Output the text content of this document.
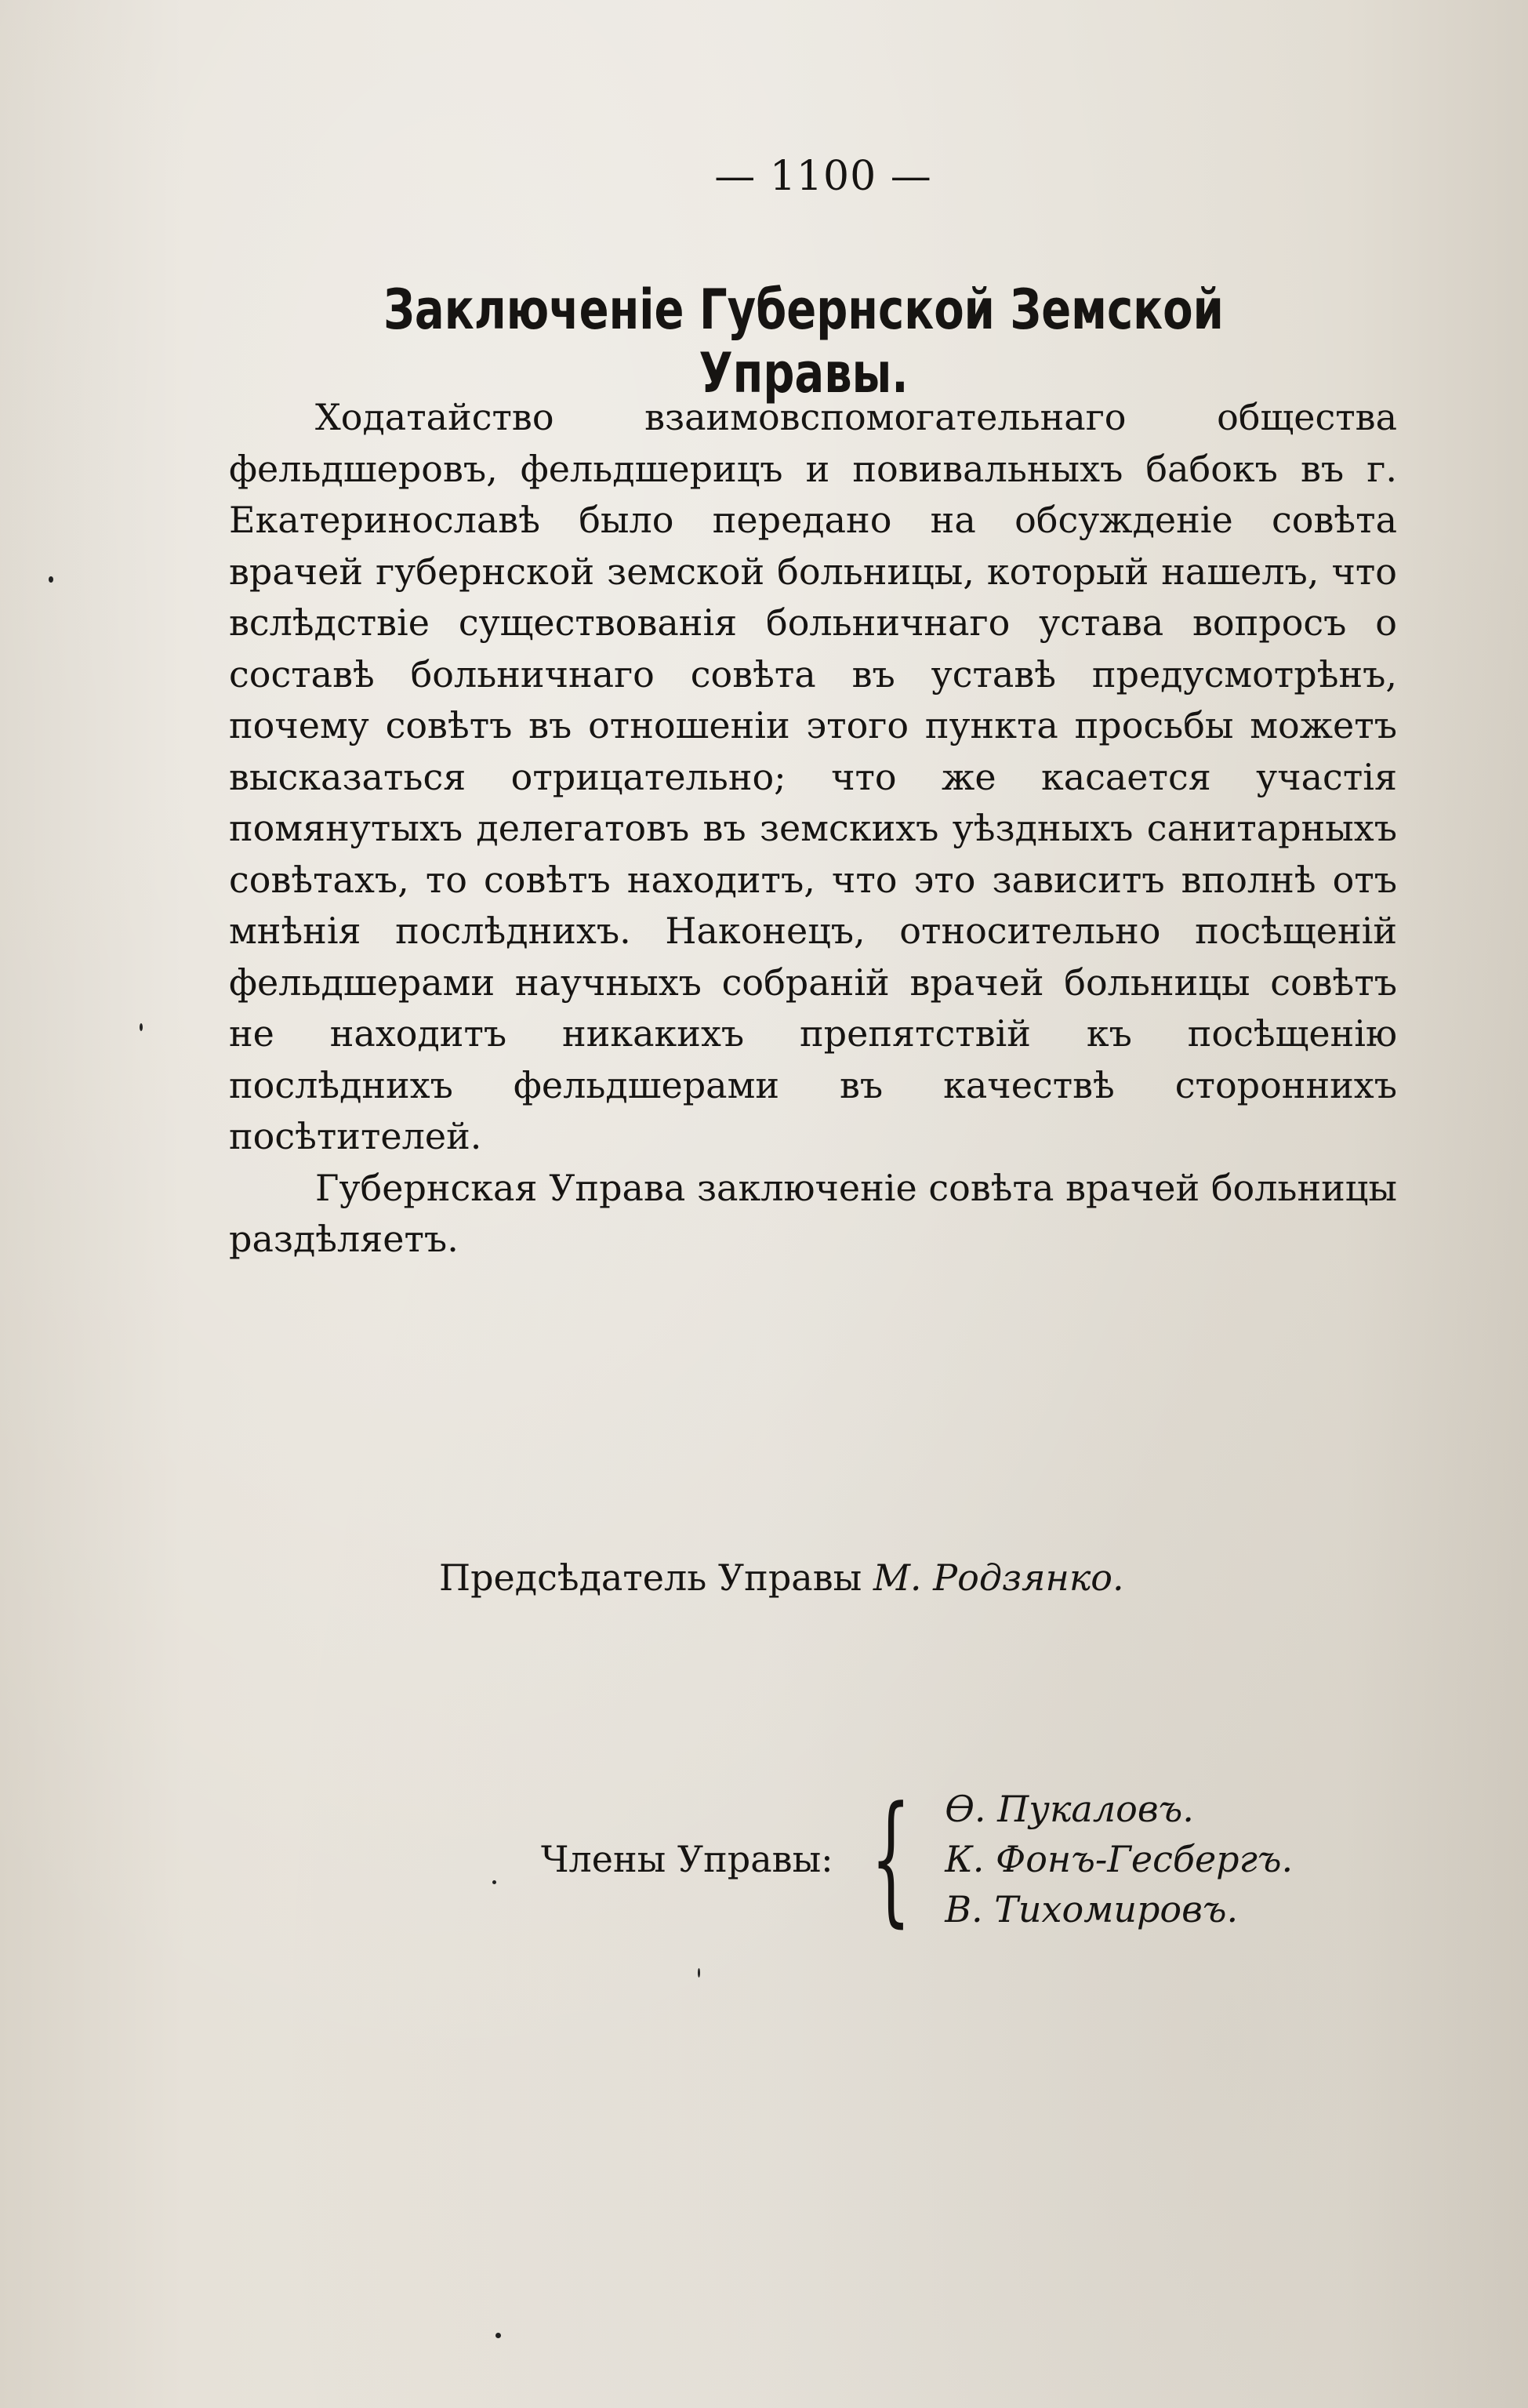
— 1100 —
Заключенiе Губернской Земской Управы.

Ходатайство взаимовспомогательнаго общества фельдшеровъ, фельдшерицъ и повивальныхъ бабокъ въ г. Екатеринославѣ было передано на обсужденiе совѣта врачей губернской земской больницы, который нашелъ, что вслѣдствiе существованiя больничнаго устава вопросъ о составѣ больничнаго совѣта въ уставѣ предусмотрѣнъ, почему совѣтъ въ отношенiи этого пункта просьбы можетъ высказаться отрицательно; что же касается участiя помянутыхъ делегатовъ въ земскихъ уѣздныхъ санитарныхъ совѣтахъ, то совѣтъ находитъ, что это зависитъ вполнѣ отъ мнѣнiя послѣднихъ. Наконецъ, относительно посѣщенiй фельдшерами научныхъ собранiй врачей больницы совѣтъ не находитъ никакихъ препятствiй къ посѣщенiю послѣднихъ фельдшерами въ качествѣ стороннихъ посѣтителей.

Губернская Управа заключенiе совѣта врачей больницы раздѣляетъ.

Предсѣдатель Управы М. Родзянко.
Члены Управы: { Ѳ. Пукаловъ.
К. Фонъ-Гесбергъ.
В. Тихомировъ.
